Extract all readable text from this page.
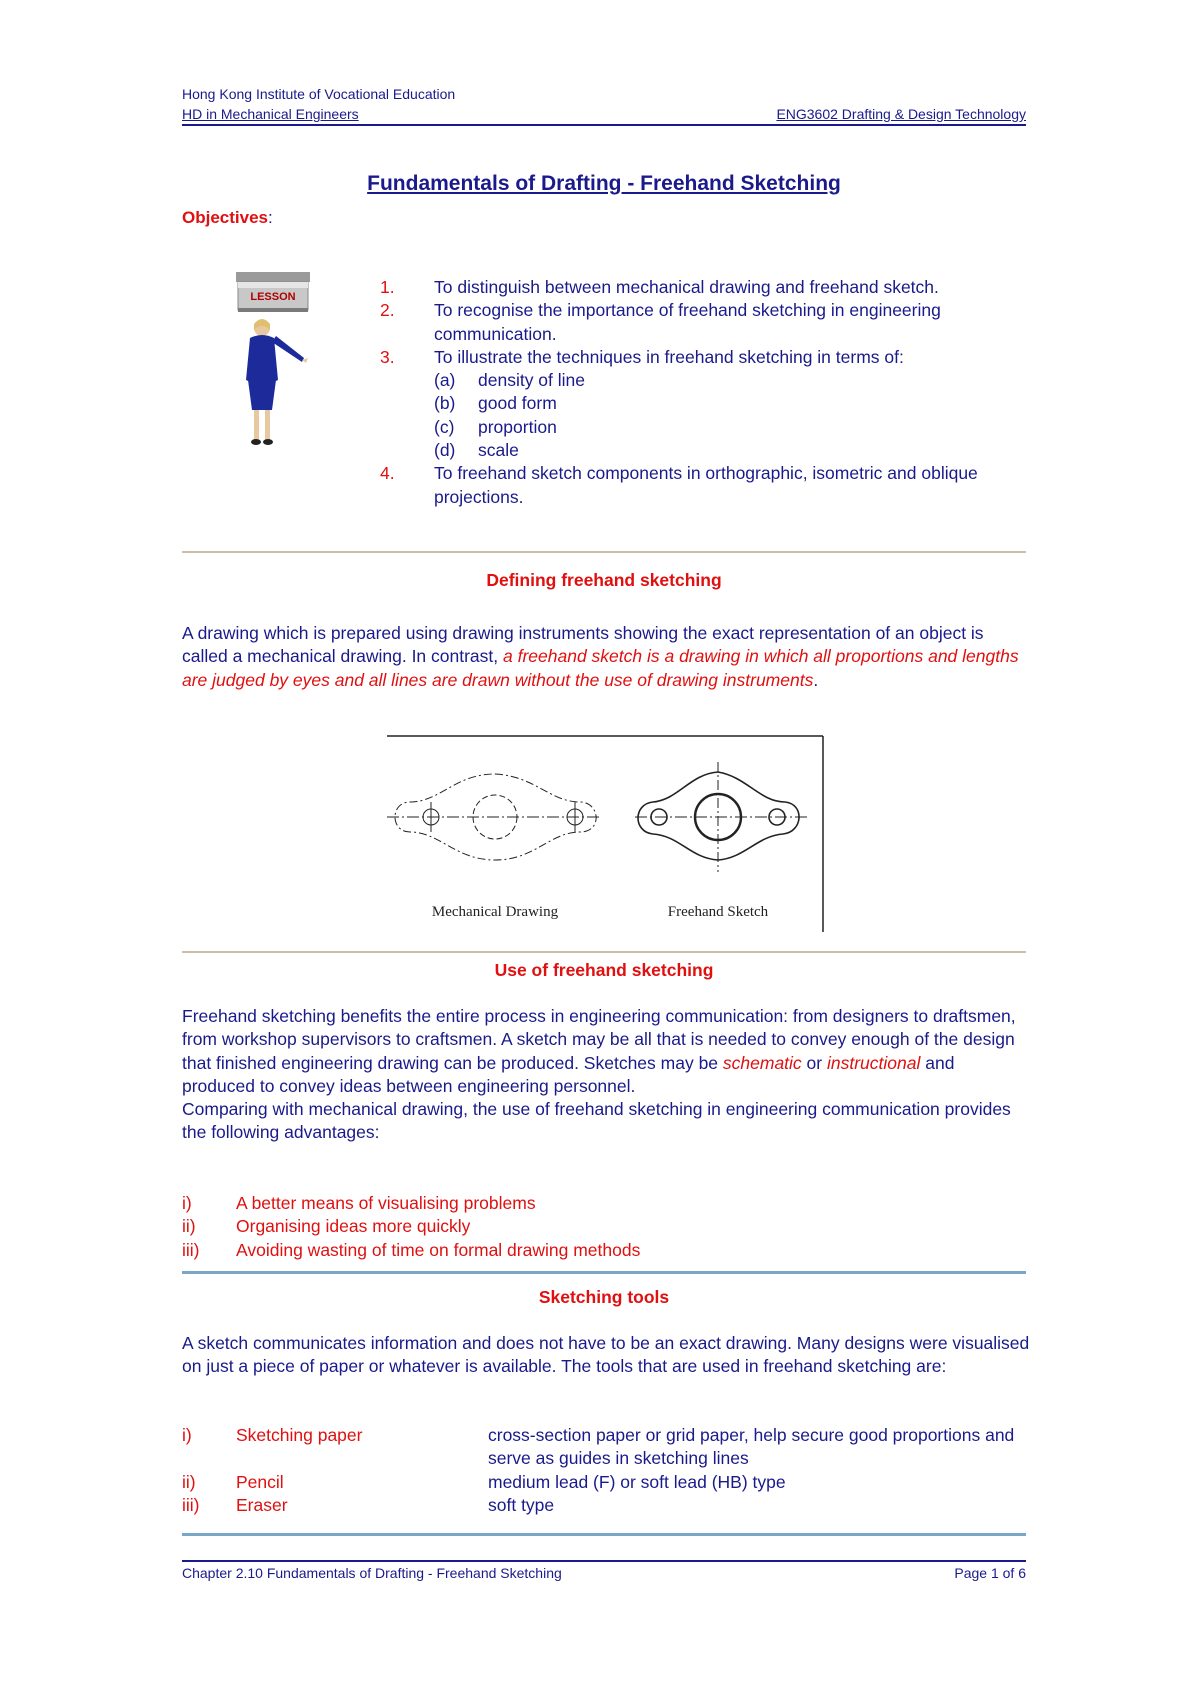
Hong Kong Institute of Vocational Education
HD in Mechanical Engineers	ENG3602 Drafting & Design Technology
Fundamentals of Drafting - Freehand Sketching
Objectives:
LESSON	1.	To distinguish between mechanical drawing and freehand sketch.
2.	To recognise the importance of freehand sketching in engineering communication.
3.	To illustrate the techniques in freehand sketching in terms of:
(a)	density of line
(b)	good form
(c)	proportion
(d)	scale
4.	To freehand sketch components in orthographic, isometric and oblique projections.
Defining freehand sketching
A drawing which is prepared using drawing instruments showing the exact representation of an object is called a mechanical drawing. In contrast, a freehand sketch is a drawing in which all proportions and lengths are judged by eyes and all lines are drawn without the use of drawing instruments.
Mechanical Drawing	Freehand Sketch
Use of freehand sketching
Freehand sketching benefits the entire process in engineering communication: from designers to draftsmen, from workshop supervisors to craftsmen. A sketch may be all that is needed to convey enough of the design that finished engineering drawing can be produced. Sketches may be schematic or instructional and produced to convey ideas between engineering personnel.
Comparing with mechanical drawing, the use of freehand sketching in engineering communication provides the following advantages:
i)	A better means of visualising problems
ii)	Organising ideas more quickly
iii)	Avoiding wasting of time on formal drawing methods
Sketching tools
A sketch communicates information and does not have to be an exact drawing. Many designs were visualised on just a piece of paper or whatever is available. The tools that are used in freehand sketching are:
i)	Sketching paper	cross-section paper or grid paper, help secure good proportions and serve as guides in sketching lines
ii)	Pencil	medium lead (F) or soft lead (HB) type
iii)	Eraser	soft type
Chapter 2.10 Fundamentals of Drafting - Freehand Sketching	Page 1 of 6
